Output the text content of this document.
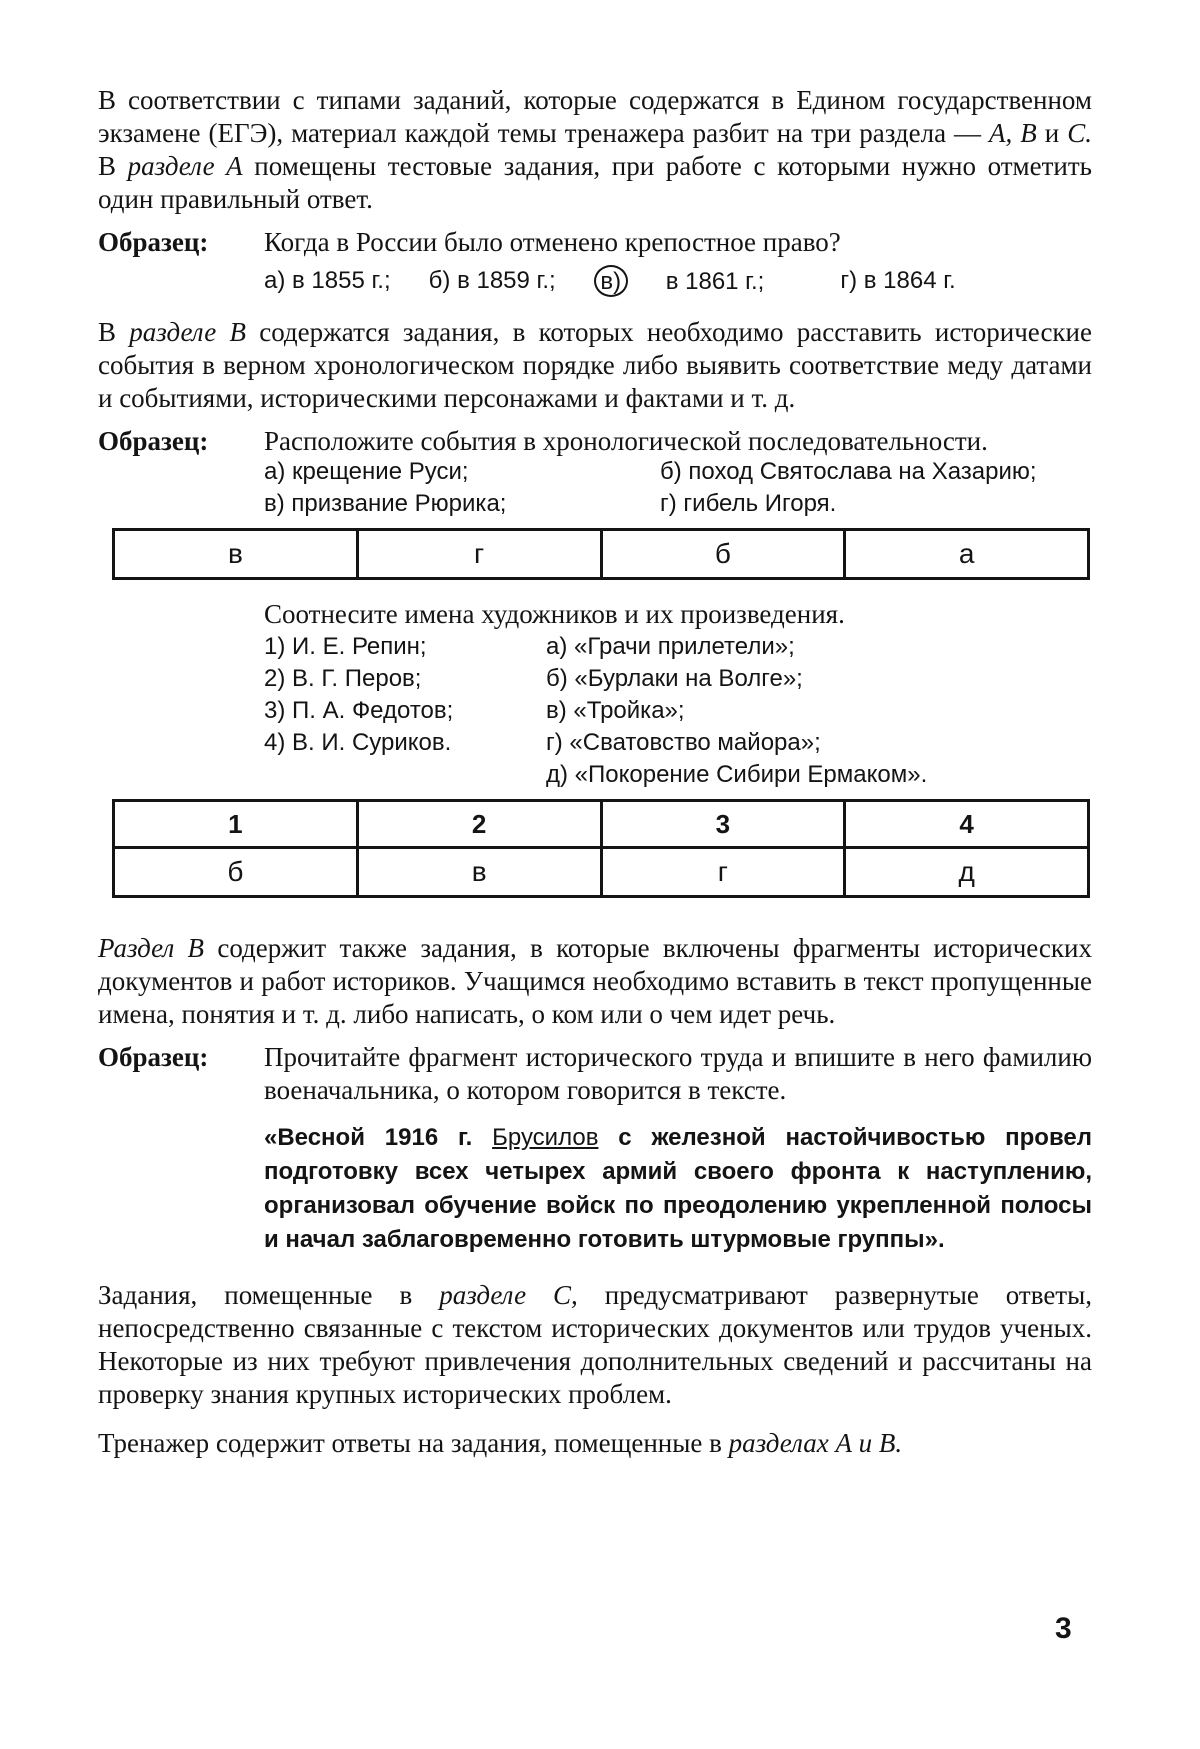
В соответствии с типами заданий, которые содержатся в Едином государственном экзамене (ЕГЭ), материал каждой темы тренажера разбит на три раздела — А, В и С. В разделе А помещены тестовые задания, при работе с которыми нужно отметить один правильный ответ.

Образец:	Когда в России было отменено крепостное право?

а) в 1855 г.; б) в 1859 г.; в) в 1861 г.;	г) в 1864 г.

В разделе В содержатся задания, в которых необходимо расставить исторические события в верном хронологическом порядке либо выявить соответствие меду датами и событиями, историческими персонажами и фактами и т. д.

Образец:	Расположите события в хронологической последовательности.

а) крещение Руси;	б) поход Святослава на Хазарию;
в) призвание Рюрика;	г) гибель Игоря.
в	г	б	а

Соотнесите имена художников и их произведения.

1) И. Е. Репин;	а) «Грачи прилетели»;
2) В. Г. Перов;	б) «Бурлаки на Волге»;
3) П. А. Федотов;	в) «Тройка»;
4) В. И. Суриков.	г) «Сватовство майора»;
д) «Покорение Сибири Ермаком».
1	2	3	4
б	в	г	д

Раздел В содержит также задания, в которые включены фрагменты исторических документов и работ историков. Учащимся необходимо вставить в текст пропущенные имена, понятия и т. д. либо написать, о ком или о чем идет речь.

Образец:	Прочитайте фрагмент исторического труда и впишите в него фамилию военачальника, о котором говорится в тексте.

«Весной 1916 г. Брусилов с железной настойчивостью провел подготовку всех четырех армий своего фронта к наступлению, организовал обучение войск по преодолению укрепленной полосы и начал заблаговременно готовить штурмовые группы».

Задания, помещенные в разделе С, предусматривают развернутые ответы, непосредственно связанные с текстом исторических документов или трудов ученых. Некоторые из них требуют привлечения дополнительных сведений и рассчитаны на проверку знания крупных исторических проблем.

Тренажер содержит ответы на задания, помещенные в разделах А и В.

3
